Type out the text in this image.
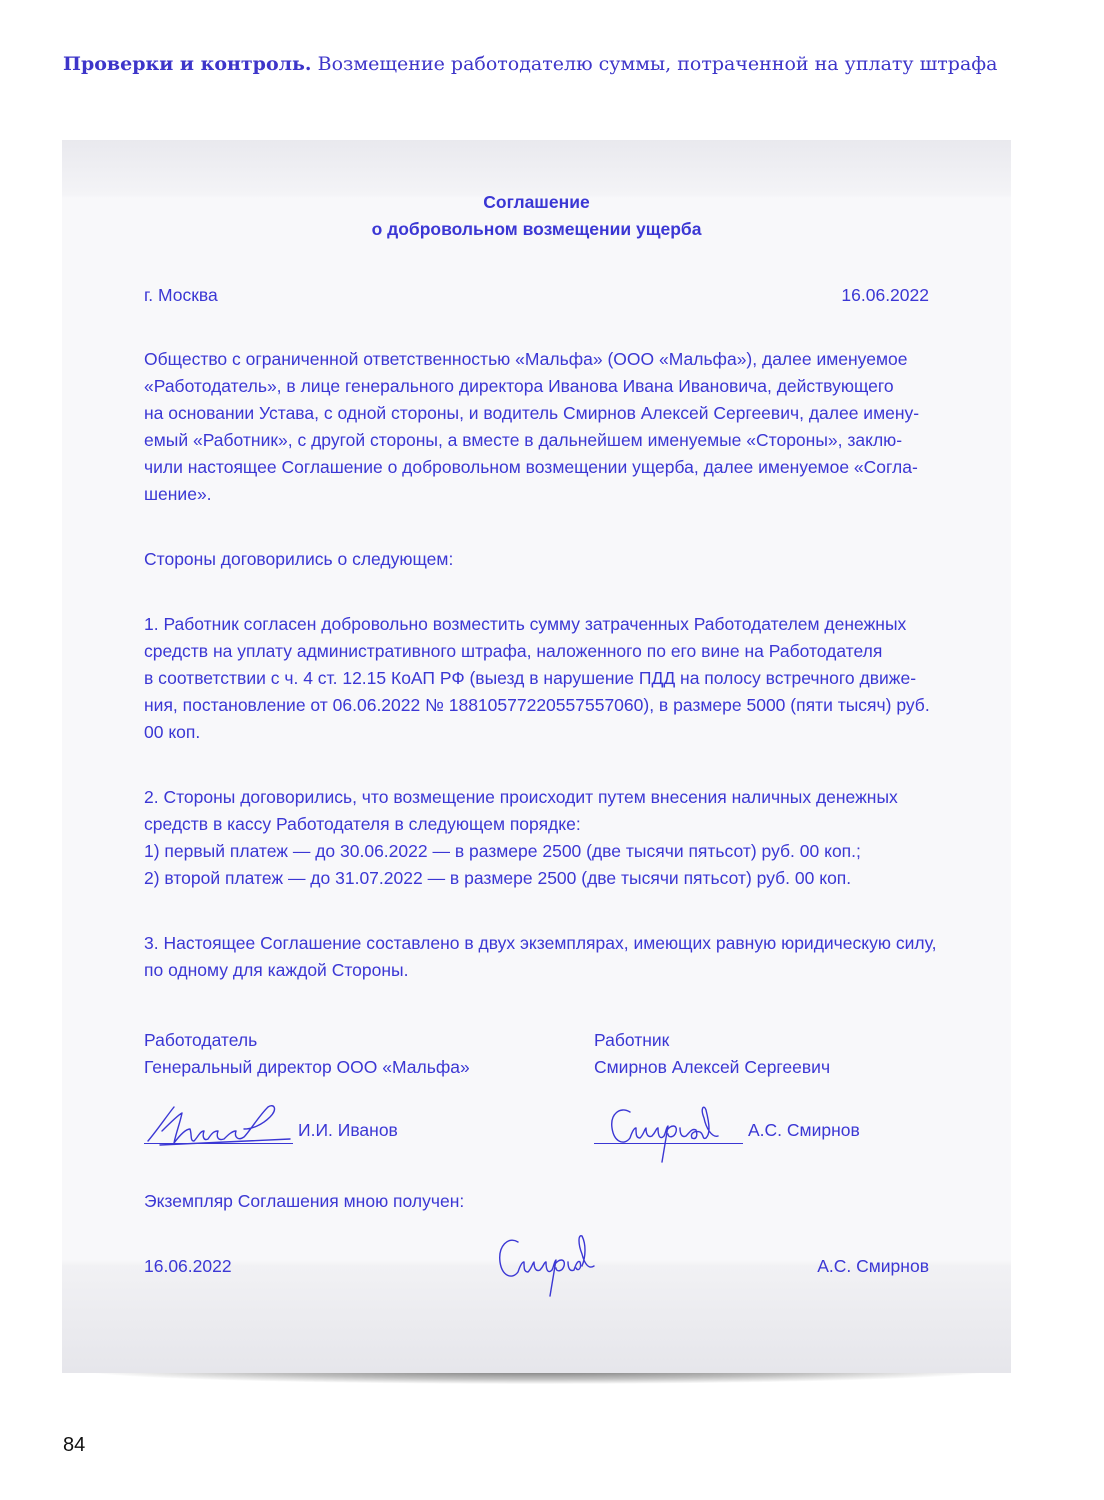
Проверки и контроль. Возмещение работодателю суммы, потраченной на уплату штрафа
Соглашение
о добровольном возмещении ущерба
г. Москва	16.06.2022
Общество с ограниченной ответственностью «Мальфа» (ООО «Мальфа»), далее именуемое
«Работодатель», в лице генерального директора Иванова Ивана Ивановича, действующего
на основании Устава, с одной стороны, и водитель Смирнов Алексей Сергеевич, далее имену-
емый «Работник», с другой стороны, а вместе в дальнейшем именуемые «Стороны», заклю-
чили настоящее Соглашение о добровольном возмещении ущерба, далее именуемое «Согла-
шение».
Стороны договорились о следующем:
1. Работник согласен добровольно возместить сумму затраченных Работодателем денежных
средств на уплату административного штрафа, наложенного по его вине на Работодателя
в соответствии с ч. 4 ст. 12.15 КоАП РФ (выезд в нарушение ПДД на полосу встречного движе-
ния, постановление от 06.06.2022 № 18810577220557557060), в размере 5000 (пяти тысяч) руб.
00 коп.
2. Стороны договорились, что возмещение происходит путем внесения наличных денежных
средств в кассу Работодателя в следующем порядке:
1) первый платеж — до 30.06.2022 — в размере 2500 (две тысячи пятьсот) руб. 00 коп.;
2) второй платеж — до 31.07.2022 — в размере 2500 (две тысячи пятьсот) руб. 00 коп.
3. Настоящее Соглашение составлено в двух экземплярах, имеющих равную юридическую силу,
по одному для каждой Стороны.
Работодатель
Генеральный директор ООО «Мальфа»
Работник
Смирнов Алексей Сергеевич
И.И. Иванов	А.С. Смирнов
Экземпляр Соглашения мною получен:
16.06.2022	А.С. Смирнов
84
